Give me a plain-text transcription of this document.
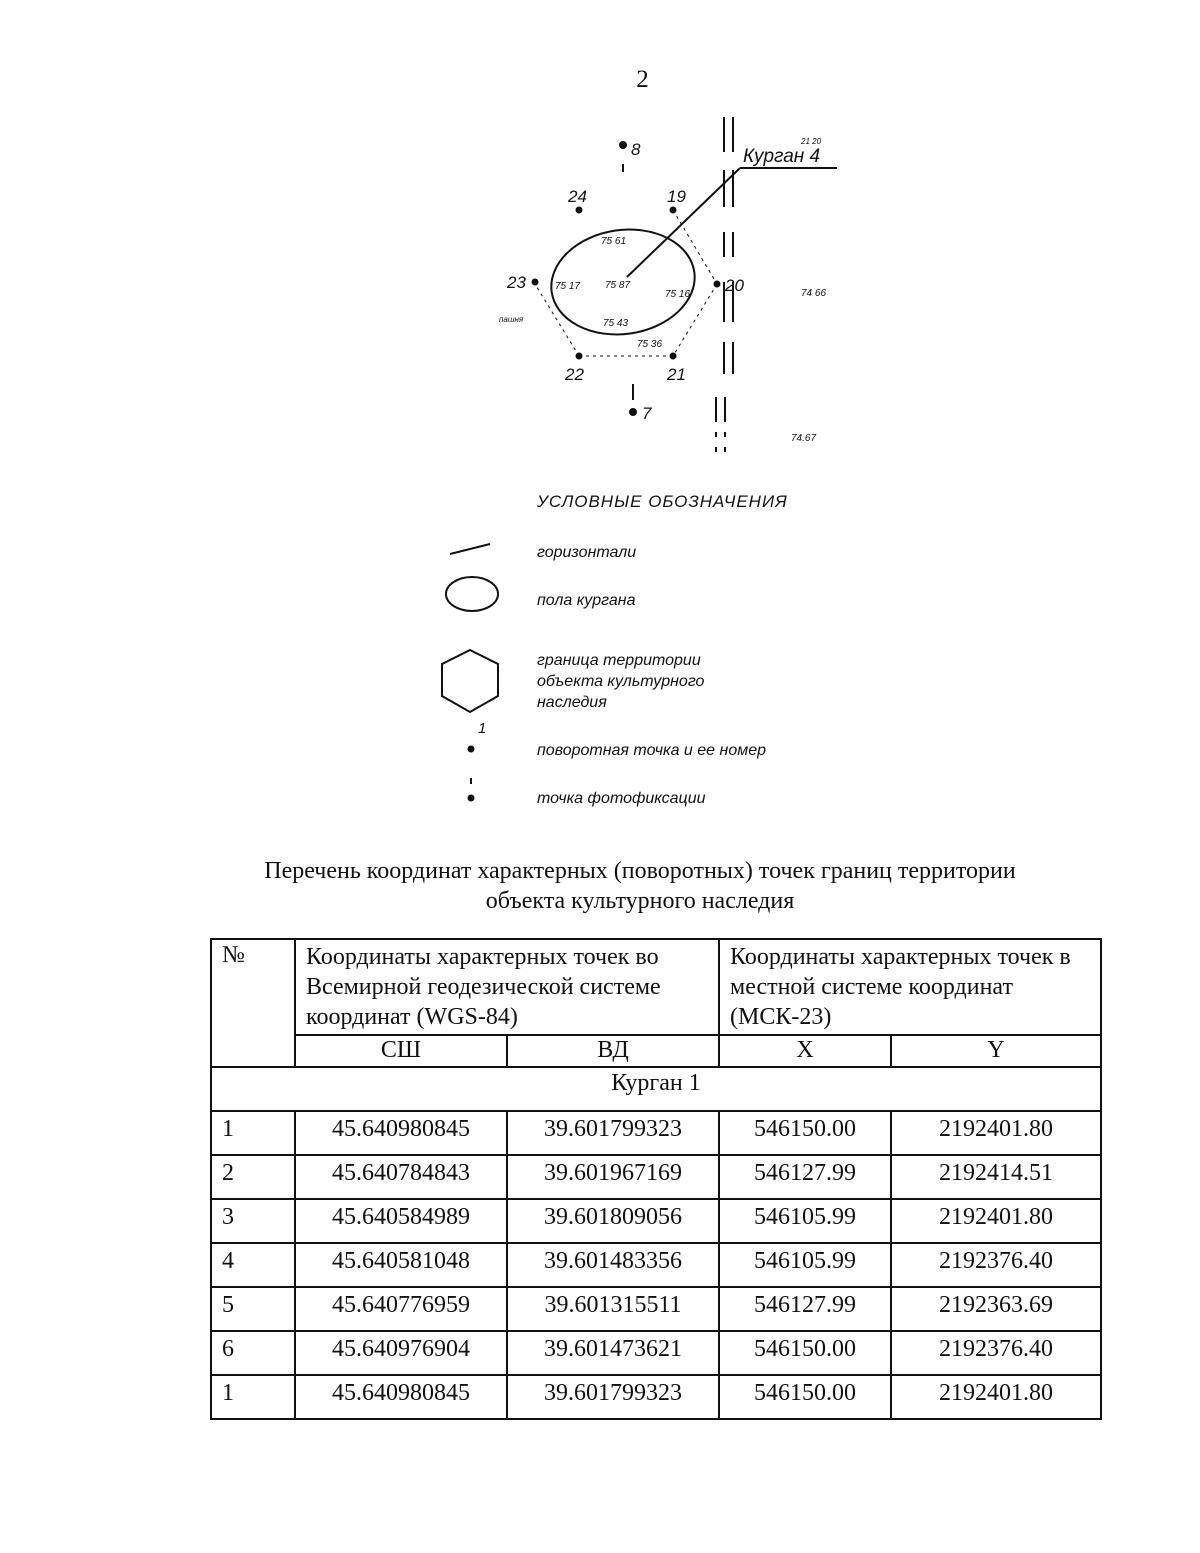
2
8
24	19
23	20
22	21
7
Курган 4
21 20
75 61
75 17 75 87
75 16
75 43
75 36
74 66
74.67
пашня
УСЛОВНЫЕ ОБОЗНАЧЕНИЯ
горизонтали
пола кургана
граница территории объекта культурного наследия
1
поворотная точка и ее номер
точка фотофиксации
Перечень координат характерных (поворотных) точек границ территории
объекта культурного наследия
№	Координаты характерных точек во Всемирной геодезической системе координат (WGS-84)		Координаты характерных точек в местной системе координат (МСК-23)	
	СШ	ВД	X	Y
Курган 1				
1	45.640980845	39.601799323	546150.00	2192401.80
2	45.640784843	39.601967169	546127.99	2192414.51
3	45.640584989	39.601809056	546105.99	2192401.80
4	45.640581048	39.601483356	546105.99	2192376.40
5	45.640776959	39.601315511	546127.99	2192363.69
6	45.640976904	39.601473621	546150.00	2192376.40
1	45.640980845	39.601799323	546150.00	2192401.80
